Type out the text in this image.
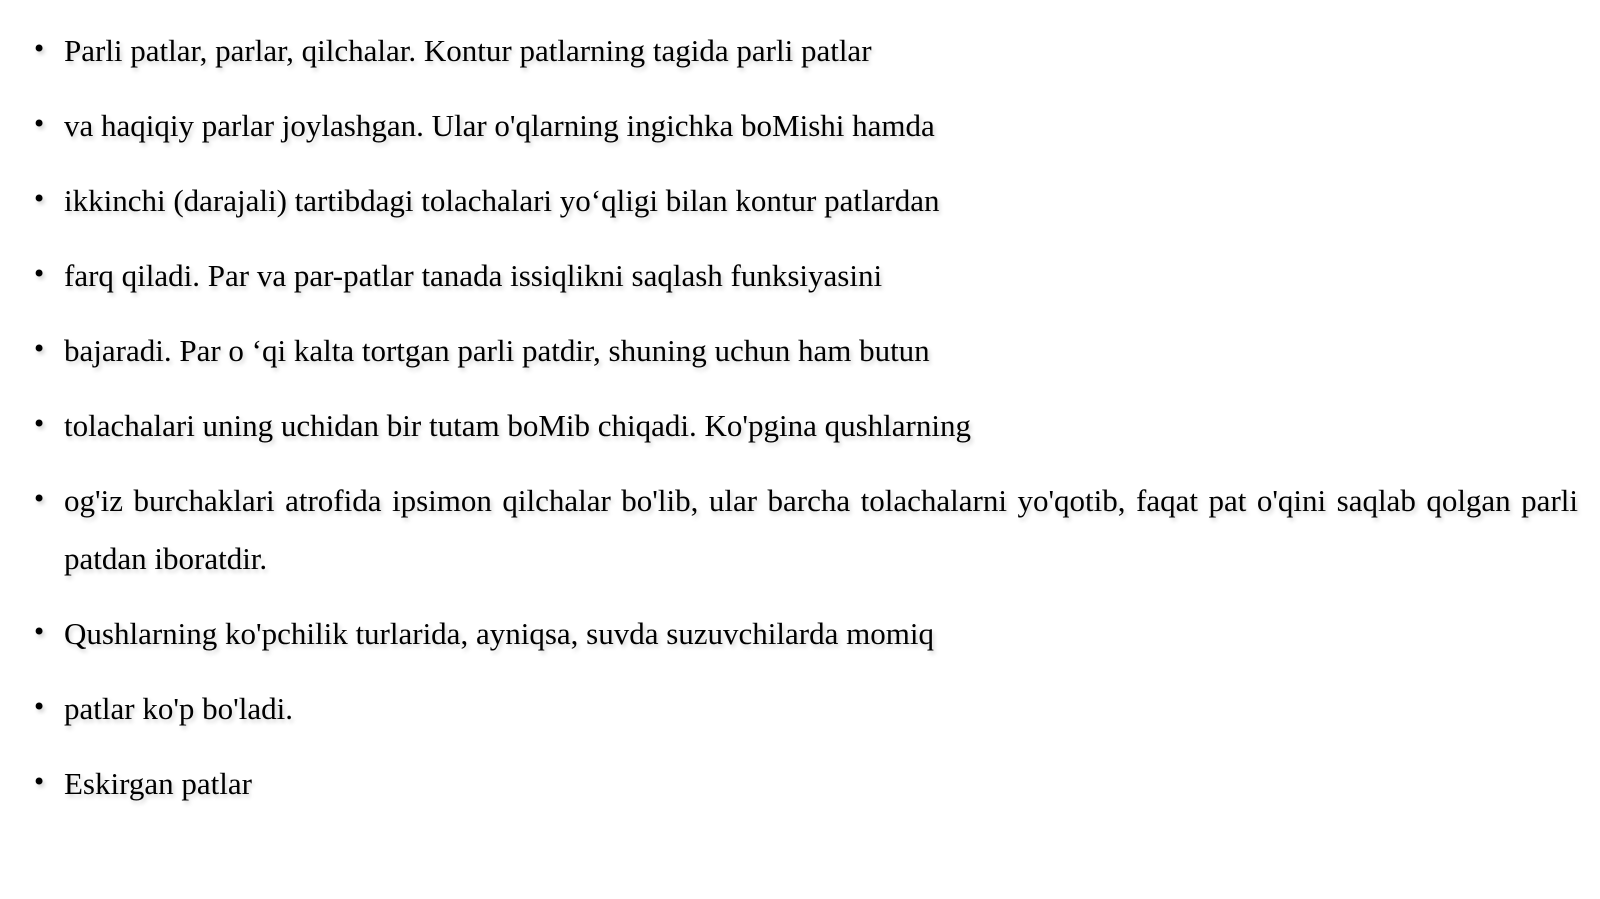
• Parli patlar, parlar, qilchalar. Kontur patlarning tagida parli patlar
• va haqiqiy parlar joylashgan. Ular o'qlarning ingichka boMishi hamda
• ikkinchi (darajali) tartibdagi tolachalari yo‘qligi bilan kontur patlardan
• farq qiladi. Par va par-patlar tanada issiqlikni saqlash funksiyasini
• bajaradi. Par o ‘qi kalta tortgan parli patdir, shuning uchun ham butun
• tolachalari uning uchidan bir tutam boMib chiqadi. Ko'pgina qushlarning
• og'iz burchaklari atrofida ipsimon qilchalar bo'lib, ular barcha tolachalarni yo'qotib, faqat pat o'qini saqlab qolgan parli patdan iboratdir.
• Qushlarning ko'pchilik turlarida, ayniqsa, suvda suzuvchilarda momiq
• patlar ko'p bo'ladi.
• Eskirgan patlar
